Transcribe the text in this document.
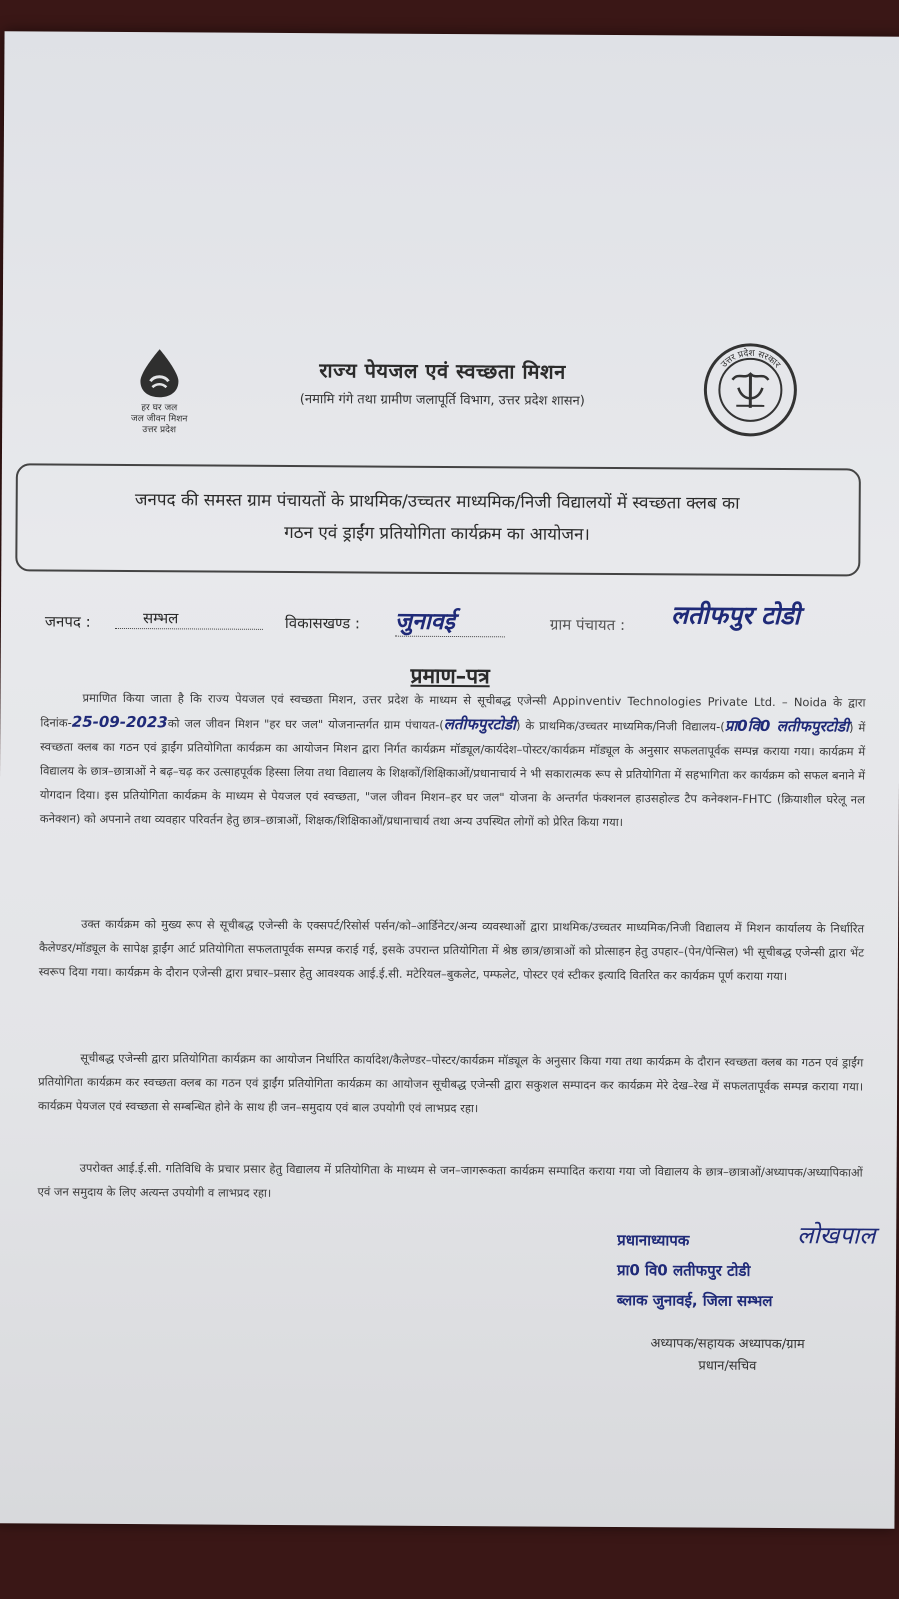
हर घर जल
जल जीवन मिशन
उत्तर प्रदेश
राज्य पेयजल एवं स्वच्छता मिशन
(नमामि गंगे तथा ग्रामीण जलापूर्ति विभाग, उत्तर प्रदेश शासन)
उत्तर प्रदेश सरकार
जनपद की समस्त ग्राम पंचायतों के प्राथमिक/उच्चतर माध्यमिक/निजी विद्यालयों में स्वच्छता क्लब का
गठन एवं ड्राईंग प्रतियोगिता कार्यक्रम का आयोजन।
जनपद :	सम्भल	विकासखण्ड : जुनावई	ग्राम पंचायत : लतीफपुर टोडी
प्रमाण–पत्र
प्रमाणित किया जाता है कि राज्य पेयजल एवं स्वच्छता मिशन, उत्तर प्रदेश के माध्यम से सूचीबद्ध एजेन्सी Appinventiv Technologies Private Ltd. – Noida के द्वारा दिनांक-25-09-2023को जल जीवन मिशन "हर घर जल" योजनान्तर्गत ग्राम पंचायत-(लतीफपुरटोडी) के प्राथमिक/उच्चतर माध्यमिक/निजी विद्यालय-(प्रा0वि0 लतीफपुरटोडी) में स्वच्छता क्लब का गठन एवं ड्राईंग प्रतियोगिता कार्यक्रम का आयोजन मिशन द्वारा निर्गत कार्यक्रम मॉड्यूल/कार्यदेश–पोस्टर/कार्यक्रम मॉड्यूल के अनुसार सफलतापूर्वक सम्पन्न कराया गया। कार्यक्रम में विद्यालय के छात्र–छात्राओं ने बढ़–चढ़ कर उत्साहपूर्वक हिस्सा लिया तथा विद्यालय के शिक्षकों/शिक्षिकाओं/प्रधानाचार्य ने भी सकारात्मक रूप से प्रतियोगिता में सहभागिता कर कार्यक्रम को सफल बनाने में योगदान दिया। इस प्रतियोगिता कार्यक्रम के माध्यम से पेयजल एवं स्वच्छता, "जल जीवन मिशन–हर घर जल" योजना के अन्तर्गत फंक्शनल हाउसहोल्ड टैप कनेक्शन-FHTC (क्रियाशील घरेलू नल कनेक्शन) को अपनाने तथा व्यवहार परिवर्तन हेतु छात्र–छात्राओं, शिक्षक/शिक्षिकाओं/प्रधानाचार्य तथा अन्य उपस्थित लोगों को प्रेरित किया गया।
उक्त कार्यक्रम को मुख्य रूप से सूचीबद्ध एजेन्सी के एक्सपर्ट/रिसोर्स पर्सन/को–आर्डिनेटर/अन्य व्यवस्थाओं द्वारा प्राथमिक/उच्चतर माध्यमिक/निजी विद्यालय में मिशन कार्यालय के निर्धारित कैलेण्डर/मॉड्यूल के सापेक्ष ड्राईंग आर्ट प्रतियोगिता सफलतापूर्वक सम्पन्न कराई गई, इसके उपरान्त प्रतियोगिता में श्रेष्ठ छात्र/छात्राओं को प्रोत्साहन हेतु उपहार–(पेन/पेन्सिल) भी सूचीबद्ध एजेन्सी द्वारा भेंट स्वरूप दिया गया। कार्यक्रम के दौरान एजेन्सी द्वारा प्रचार–प्रसार हेतु आवश्यक आई.ई.सी. मटेरियल–बुकलेट, पम्फलेट, पोस्टर एवं स्टीकर इत्यादि वितरित कर कार्यक्रम पूर्ण कराया गया।
सूचीबद्ध एजेन्सी द्वारा प्रतियोगिता कार्यक्रम का आयोजन निर्धारित कार्यादेश/कैलेण्डर–पोस्टर/कार्यक्रम मॉड्यूल के अनुसार किया गया तथा कार्यक्रम के दौरान स्वच्छता क्लब का गठन एवं ड्राईंग प्रतियोगिता कार्यक्रम कर स्वच्छता क्लब का गठन एवं ड्राईंग प्रतियोगिता कार्यक्रम का आयोजन सूचीबद्ध एजेन्सी द्वारा सकुशल सम्पादन कर कार्यक्रम मेरे देख–रेख में सफलतापूर्वक सम्पन्न कराया गया। कार्यक्रम पेयजल एवं स्वच्छता से सम्बन्धित होने के साथ ही जन–समुदाय एवं बाल उपयोगी एवं लाभप्रद रहा।
उपरोक्त आई.ई.सी. गतिविधि के प्रचार प्रसार हेतु विद्यालय में प्रतियोगिता के माध्यम से जन–जागरूकता कार्यक्रम सम्पादित कराया गया जो विद्यालय के छात्र–छात्राओं/अध्यापक/अध्यापिकाओं एवं जन समुदाय के लिए अत्यन्त उपयोगी व लाभप्रद रहा।
प्रधानाध्यापक
प्रा0 वि0 लतीफपुर टोडी
ब्लाक जुनावई, जिला सम्भल
लोखपाल
अध्यापक/सहायक अध्यापक/ग्राम
प्रधान/सचिव
